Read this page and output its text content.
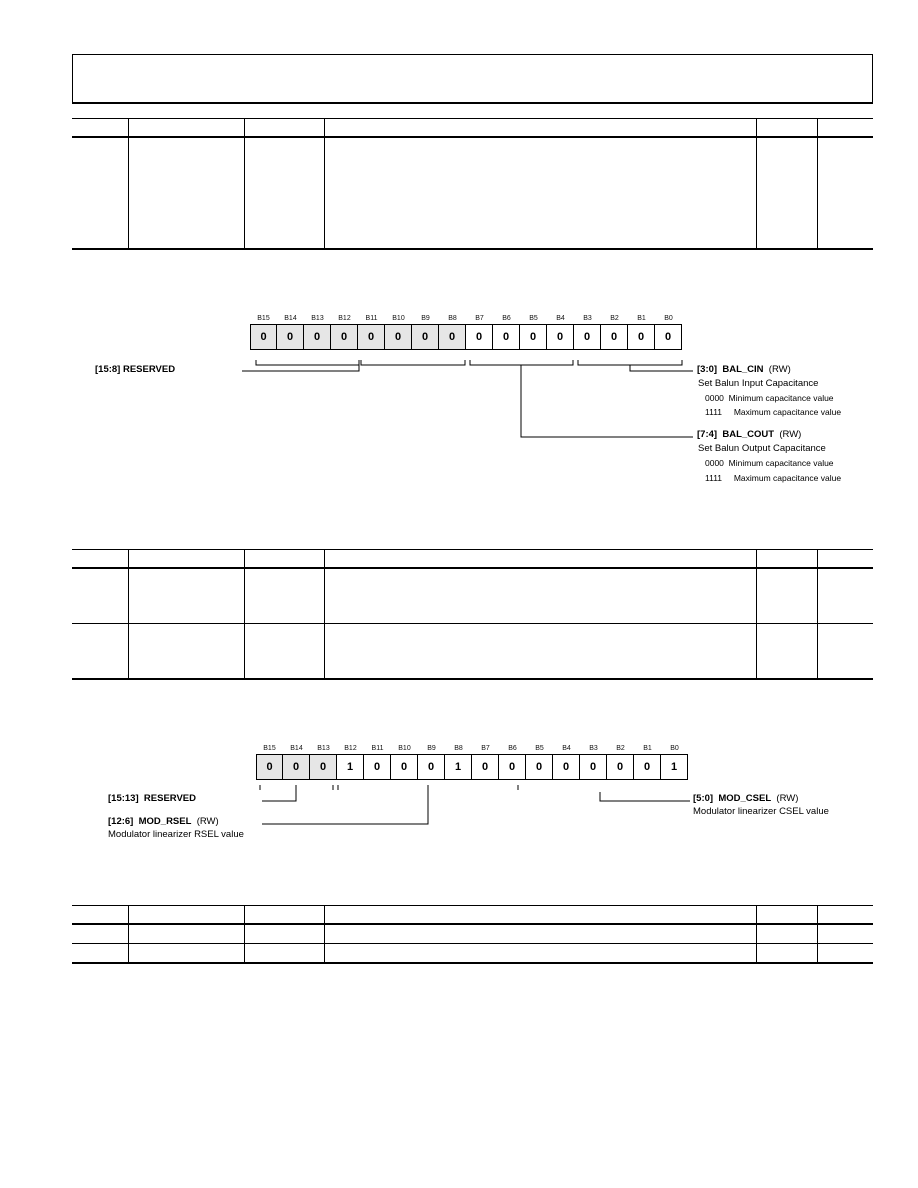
B15	B14	B13	B12	B11	B10	B9	B8	B7	B6	B5	B4	B3	B2	B1	B0
0	0	0	0	0	0	0	0	0	0	0	0	0	0	0	0
[15:8] RESERVED	[3:0] BAL_CIN (RW)
Set Balun Input Capacitance
0000 Minimum capacitance value
1111 Maximum capacitance value
[7:4] BAL_COUT (RW)
Set Balun Output Capacitance
0000 Minimum capacitance value
1111 Maximum capacitance value

B15	B14	B13	B12	B11	B10	B9	B8	B7	B6	B5	B4	B3	B2	B1	B0
0	0	0	1	0	0	0	1	0	0	0	0	0	0	0	1
[15:13] RESERVED
[12:6] MOD_RSEL (RW)
Modulator linearizer RSEL value
[5:0] MOD_CSEL (RW)
Modulator linearizer CSEL value
